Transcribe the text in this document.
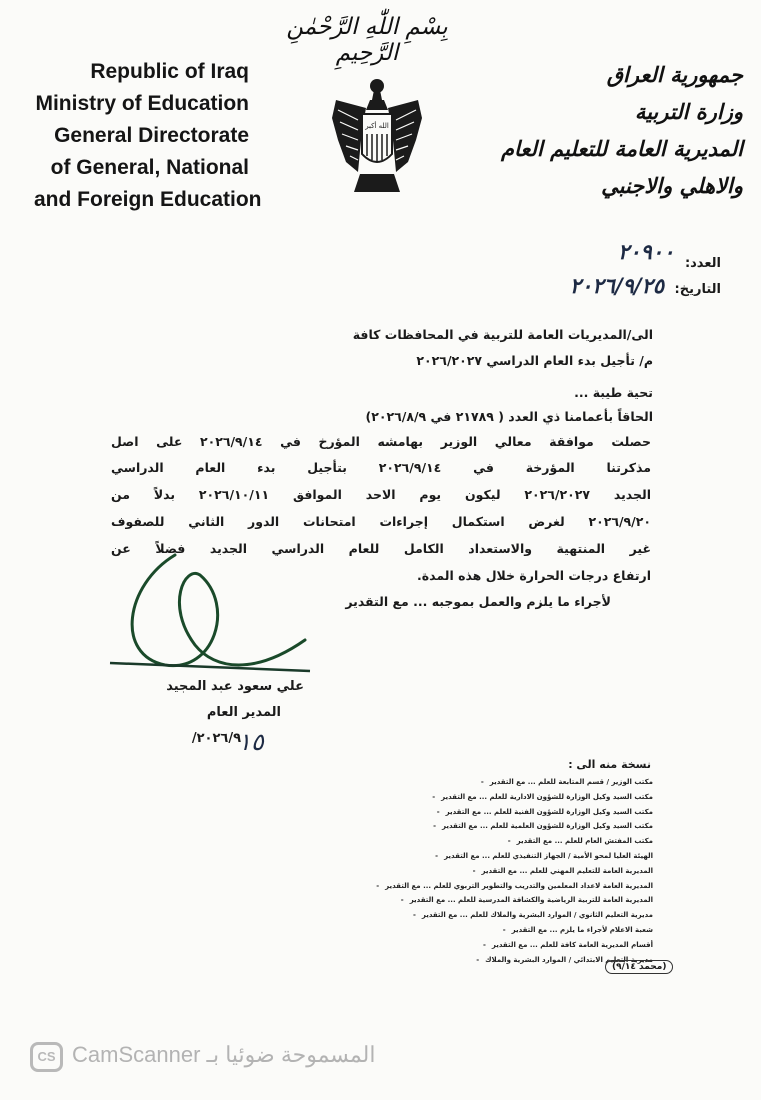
بِسْمِ اللّٰهِ الرَّحْمٰنِ الرَّحِيمِ
Republic of Iraq
Ministry of Education
General Directorate
of General, National
and Foreign Education
الله أكبر
جمهورية العراق
وزارة التربية
المديرية العامة للتعليم العام
والاهلي والاجنبي
العدد: ٢٠٩٠٠
التاريخ: ٢٠٢٦/٩/٢٥
الى/المديريات العامة للتربية في المحافظات كافة
م/ تأجيل بدء العام الدراسي ٢٠٢٦/٢٠٢٧
تحية طيبة ...
الحاقاً بأعمامنا ذي العدد ( ٢١٧٨٩ في ٢٠٢٦/٨/٩)
حصلت موافقة معالي الوزير بهامشه المؤرخ في ٢٠٢٦/٩/١٤ على اصل
مذكرتنا المؤرخة في ٢٠٢٦/٩/١٤ بتأجيل بدء العام الدراسي
الجديد ٢٠٢٦/٢٠٢٧ ليكون يوم الاحد الموافق ٢٠٢٦/١٠/١١ بدلاً من
٢٠٢٦/٩/٢٠ لغرض استكمال إجراءات امتحانات الدور الثاني للصفوف
غير المنتهية والاستعداد الكامل للعام الدراسي الجديد فضلاً عن
ارتفاع درجات الحرارة خلال هذه المدة.
لأجراء ما يلزم والعمل بموجبه ... مع التقدير
علي سعود عبد المجيد
المدير العام
٢٠٢٦/٩/
١٥
نسخة منه الى :
مكتب الوزير / قسم المتابعة للعلم ... مع التقدير -
مكتب السيد وكيل الوزارة للشؤون الادارية للعلم ... مع التقدير -
مكتب السيد وكيل الوزارة للشؤون الفنية للعلم ... مع التقدير -
مكتب السيد وكيل الوزارة للشؤون العلمية للعلم ... مع التقدير -
مكتب المفتش العام للعلم ... مع التقدير -
الهيئة العليا لمحو الأمية / الجهاز التنفيذي للعلم ... مع التقدير -
المديرية العامة للتعليم المهني للعلم ... مع التقدير -
المديرية العامة لاعداد المعلمين والتدريب والتطوير التربوي للعلم ... مع التقدير -
المديرية العامة للتربية الرياضية والكشافة المدرسية للعلم ... مع التقدير -
مديرية التعليم الثانوي / الموارد البشرية والملاك للعلم ... مع التقدير -
شعبة الاعلام لأجراء ما يلزم ... مع التقدير -
أقسام المديرية العامة كافة للعلم ... مع التقدير -
مديرية التعليم الابتدائي / الموارد البشرية والملاك -
(محمد ٩/١٤)
CS CamScanner المسموحة ضوئيا بـ
